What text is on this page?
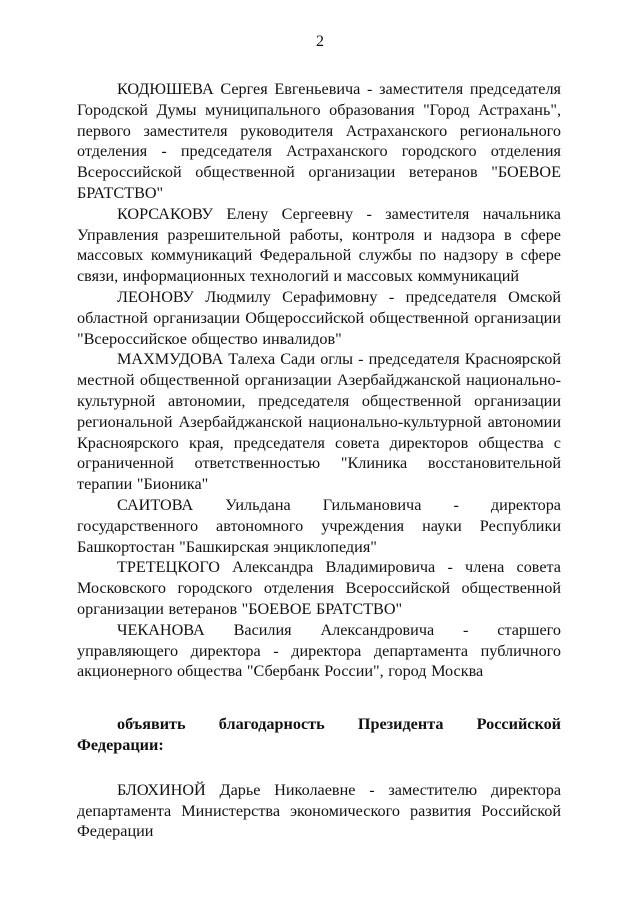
2

КОДЮШЕВА Сергея Евгеньевича - заместителя председателя Городской Думы муниципального образования "Город Астрахань", первого заместителя руководителя Астраханского регионального отделения - председателя Астраханского городского отделения Всероссийской общественной организации ветеранов "БОЕВОЕ БРАТСТВО"

КОРСАКОВУ Елену Сергеевну - заместителя начальника Управления разрешительной работы, контроля и надзора в сфере массовых коммуникаций Федеральной службы по надзору в сфере связи, информационных технологий и массовых коммуникаций

ЛЕОНОВУ Людмилу Серафимовну - председателя Омской областной организации Общероссийской общественной организации "Всероссийское общество инвалидов"

МАХМУДОВА Талеха Сади оглы - председателя Красноярской местной общественной организации Азербайджанской национально-культурной автономии, председателя общественной организации региональной Азербайджанской национально-культурной автономии Красноярского края, председателя совета директоров общества с ограниченной ответственностью "Клиника восстановительной терапии "Бионика"

САИТОВА Уильдана Гильмановича - директора государственного автономного учреждения науки Республики Башкортостан "Башкирская энциклопедия"

ТРЕТЕЦКОГО Александра Владимировича - члена совета Московского городского отделения Всероссийской общественной организации ветеранов "БОЕВОЕ БРАТСТВО"

ЧЕКАНОВА Василия Александровича - старшего управляющего директора - директора департамента публичного акционерного общества "Сбербанк России", город Москва

объявить благодарность Президента Российской Федерации:

БЛОХИНОЙ Дарье Николаевне - заместителю директора департамента Министерства экономического развития Российской Федерации
